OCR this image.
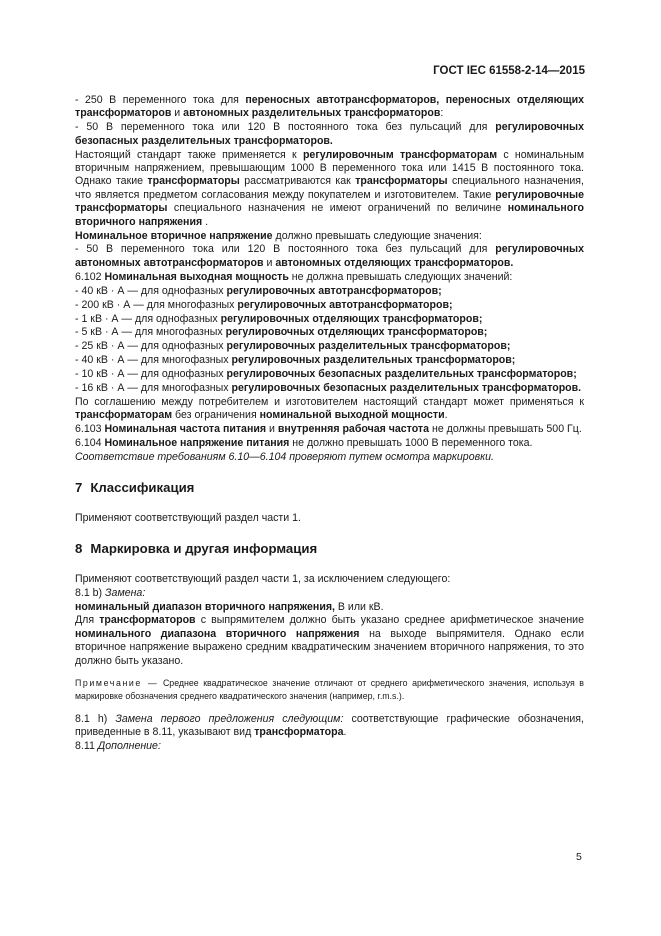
ГОСТ IEC 61558-2-14—2015

- 250 В переменного тока для переносных автотрансформаторов, переносных отделяющих трансформаторов и автономных разделительных трансформаторов:

- 50 В переменного тока или 120 В постоянного тока без пульсаций для регулировочных безопасных разделительных трансформаторов.

Настоящий стандарт также применяется к регулировочным трансформаторам с номинальным вторичным напряжением, превышающим 1000 В переменного тока или 1415 В постоянного тока. Однако такие трансформаторы рассматриваются как трансформаторы специального назначения, что является предметом согласования между покупателем и изготовителем. Такие регулировочные трансформаторы специального назначения не имеют ограничений по величине номинального вторичного напряжения .

Номинальное вторичное напряжение должно превышать следующие значения:

- 50 В переменного тока или 120 В постоянного тока без пульсаций для регулировочных автономных автотрансформаторов и автономных отделяющих трансформаторов.

6.102 Номинальная выходная мощность не должна превышать следующих значений:

- 40 кВ · А — для однофазных регулировочных автотрансформаторов;

- 200 кВ · А — для многофазных регулировочных автотрансформаторов;

- 1 кВ · А — для однофазных регулировочных отделяющих трансформаторов;

- 5 кВ · А — для многофазных регулировочных отделяющих трансформаторов;

- 25 кВ · А — для однофазных регулировочных разделительных трансформаторов;

- 40 кВ · А — для многофазных регулировочных разделительных трансформаторов;

- 10 кВ · А — для однофазных регулировочных безопасных разделительных трансформаторов;

- 16 кВ · А — для многофазных регулировочных безопасных разделительных трансформаторов.

По соглашению между потребителем и изготовителем настоящий стандарт может применяться к трансформаторам без ограничения номинальной выходной мощности.

6.103 Номинальная частота питания и внутренняя рабочая частота не должны превышать 500 Гц.

6.104 Номинальное напряжение питания не должно превышать 1000 В переменного тока.

Соответствие требованиям 6.10—6.104 проверяют путем осмотра маркировки.

7 Классификация

Применяют соответствующий раздел части 1.

8 Маркировка и другая информация

Применяют соответствующий раздел части 1, за исключением следующего:

8.1 b) Замена:

номинальный диапазон вторичного напряжения, В или кВ.

Для трансформаторов с выпрямителем должно быть указано среднее арифметическое значение номинального диапазона вторичного напряжения на выходе выпрямителя. Однако если вторичное напряжение выражено средним квадратическим значением вторичного напряжения, то это должно быть указано.

Примечание — Среднее квадратическое значение отличают от среднего арифметического значения, используя в маркировке обозначения среднего квадратического значения (например, r.m.s.).

8.1 h) Замена первого предложения следующим: соответствующие графические обозначения, приведенные в 8.11, указывают вид трансформатора.

8.11 Дополнение:

5
